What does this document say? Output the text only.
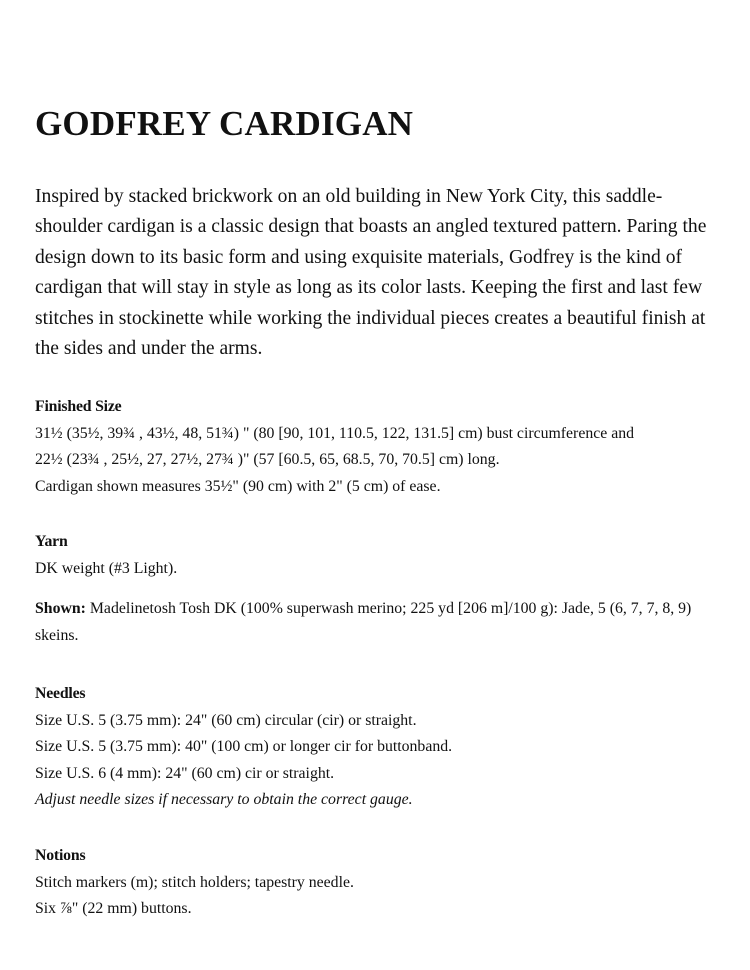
GODFREY CARDIGAN

Inspired by stacked brickwork on an old building in New York City, this saddle-shoulder cardigan is a classic design that boasts an angled textured pattern. Paring the design down to its basic form and using exquisite materials, Godfrey is the kind of cardigan that will stay in style as long as its color lasts. Keeping the first and last few stitches in stockinette while working the individual pieces creates a beautiful finish at the sides and under the arms.

Finished Size
31½ (35½, 39¾ , 43½, 48, 51¾) " (80 [90, 101, 110.5, 122, 131.5] cm) bust circumference and
22½ (23¾ , 25½, 27, 27½, 27¾ )" (57 [60.5, 65, 68.5, 70, 70.5] cm) long.
Cardigan shown measures 35½" (90 cm) with 2" (5 cm) of ease.
Yarn
DK weight (#3 Light).
Shown: Madelinetosh Tosh DK (100% superwash merino; 225 yd [206 m]/100 g): Jade, 5 (6, 7, 7, 8, 9) skeins.
Needles
Size U.S. 5 (3.75 mm): 24" (60 cm) circular (cir) or straight.
Size U.S. 5 (3.75 mm): 40" (100 cm) or longer cir for buttonband.
Size U.S. 6 (4 mm): 24" (60 cm) cir or straight.
Adjust needle sizes if necessary to obtain the correct gauge.
Notions
Stitch markers (m); stitch holders; tapestry needle.
Six ⅞" (22 mm) buttons.
